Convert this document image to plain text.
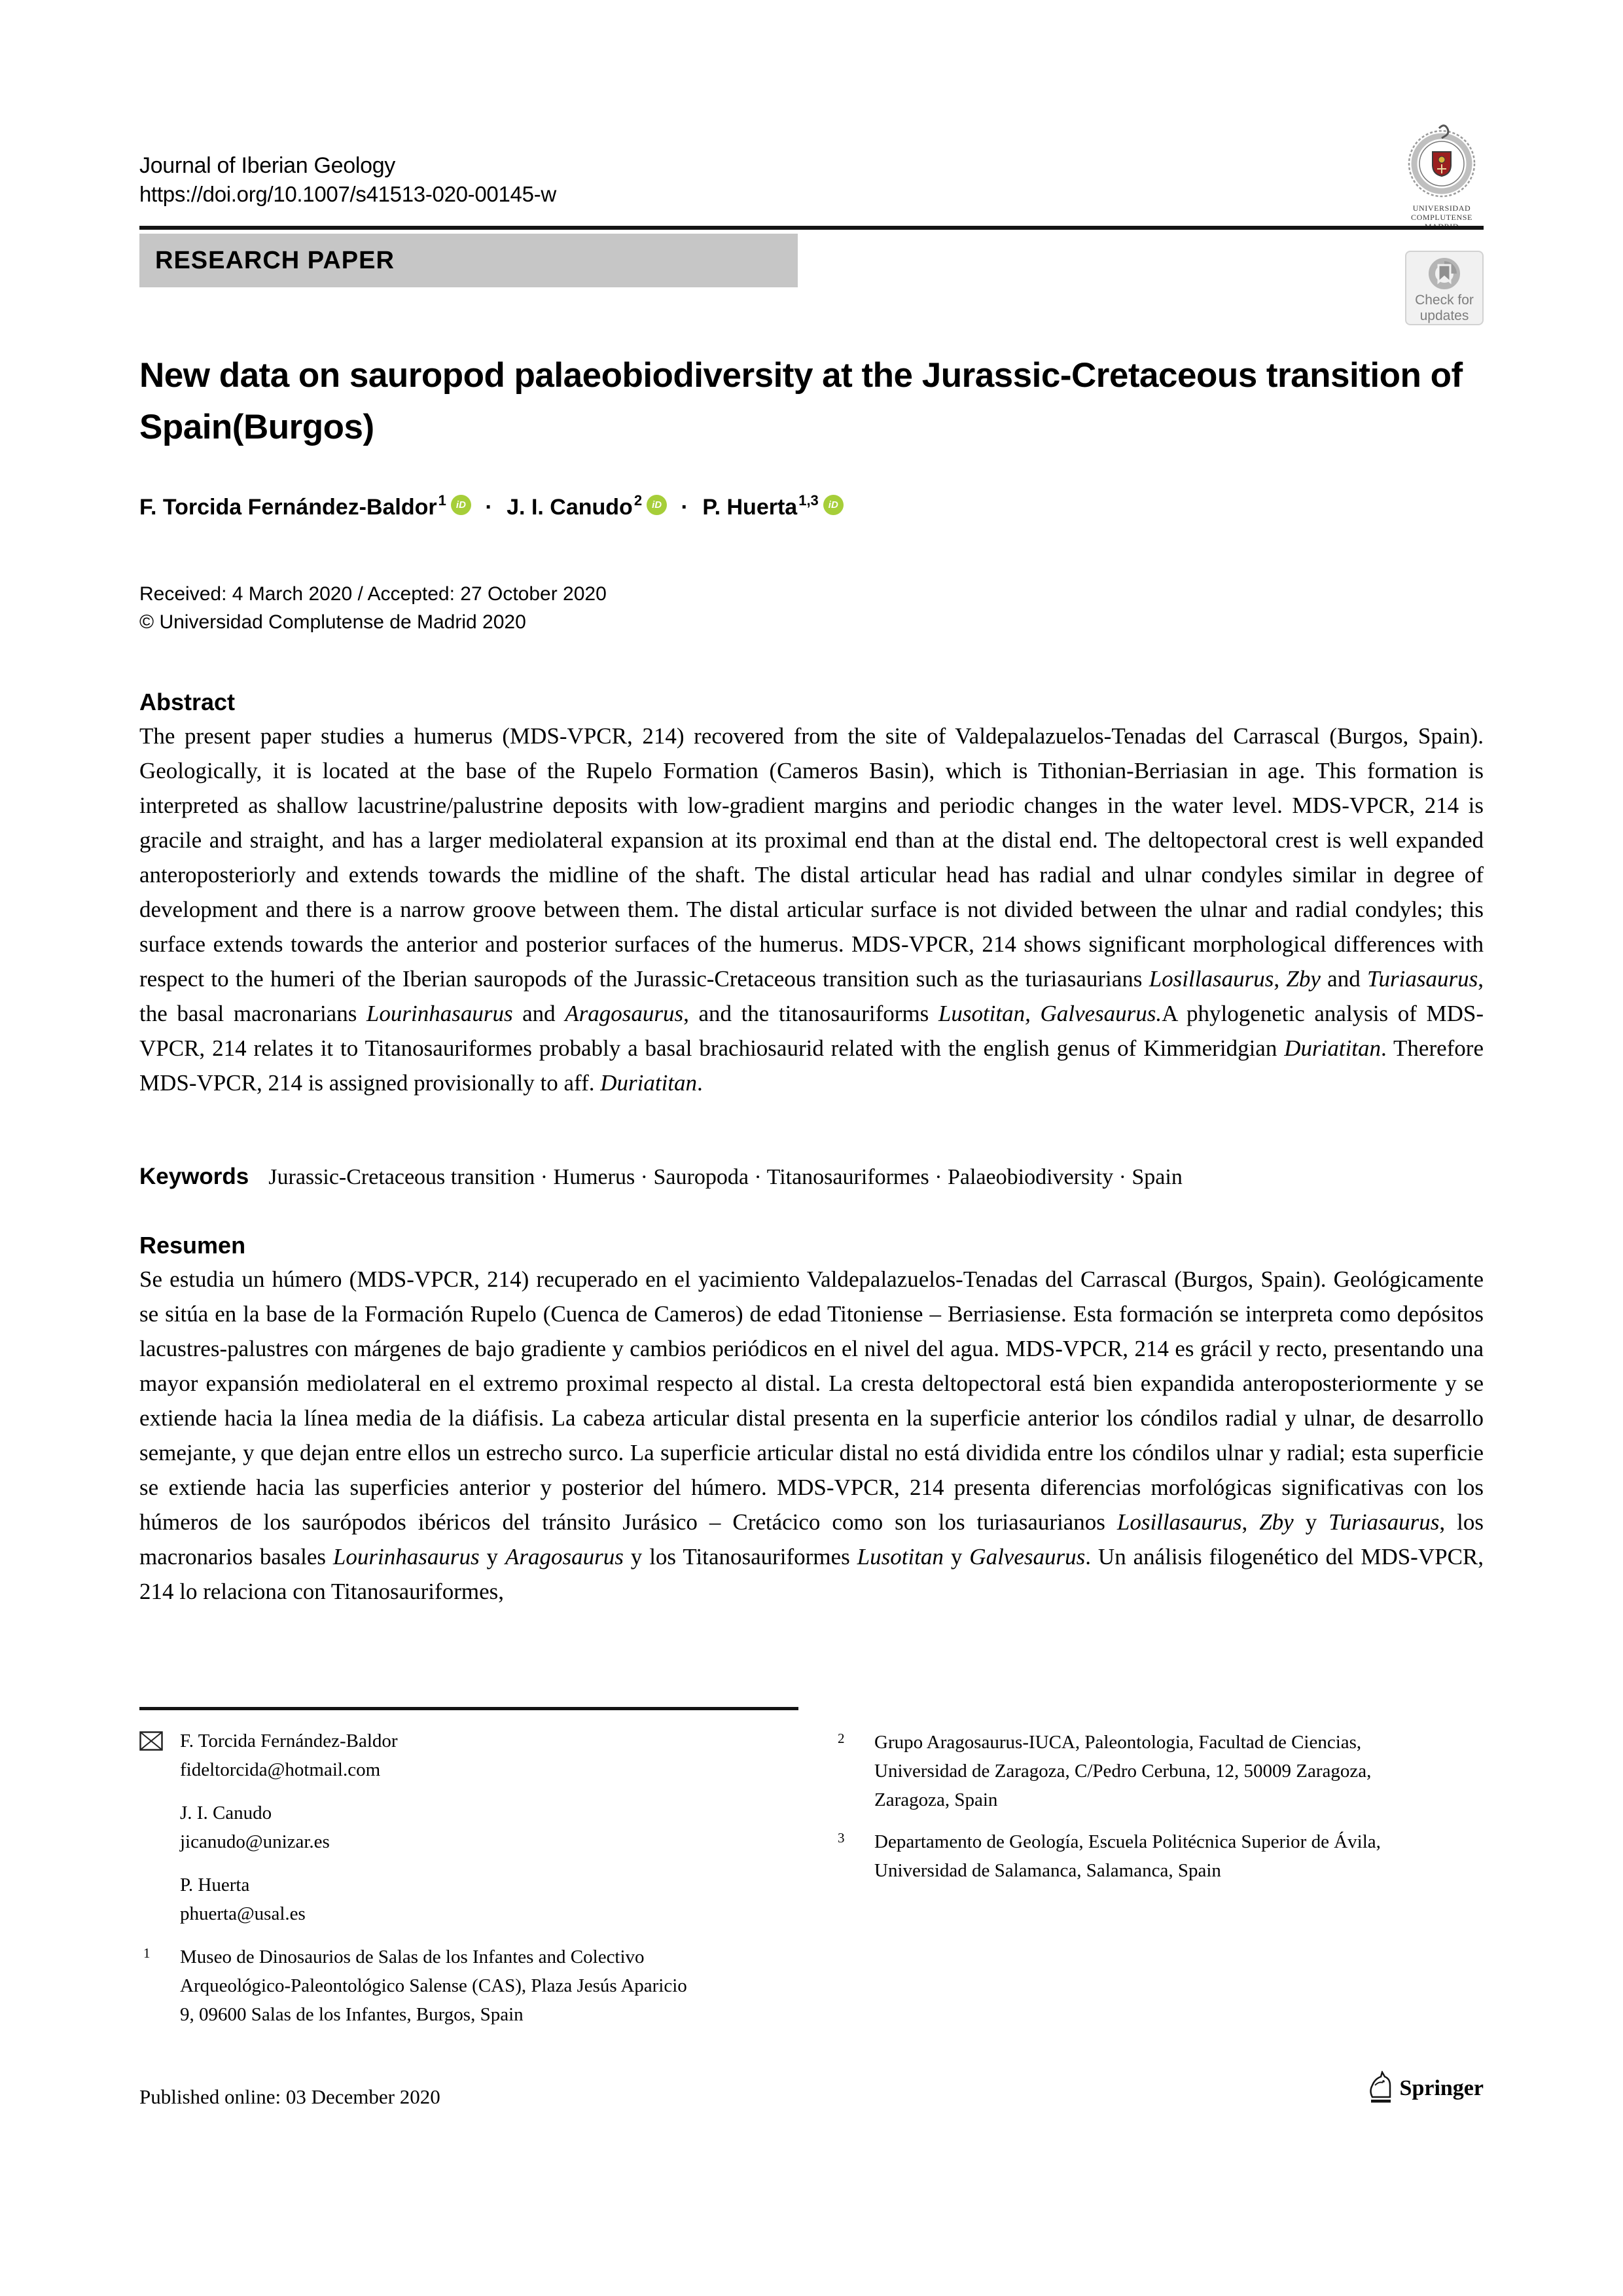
Journal of Iberian Geology
https://doi.org/10.1007/s41513-020-00145-w
UNIVERSIDAD COMPLUTENSE
RESEARCH PAPER
Check for
updates
New data on sauropod palaeobiodiversity at the Jurassic-Cretaceous transition of Spain(Burgos)
F. Torcida Fernández-Baldor$^1$ iD · J. I. Canudo$^2$ iD · P. Huerta$^{1,3}$ iD
Received: 4 March 2020 / Accepted: 27 October 2020
© Universidad Complutense de Madrid 2020
Abstract

The present paper studies a humerus (MDS-VPCR, 214) recovered from the site of Valdepalazuelos-Tenadas del Carrascal (Burgos, Spain). Geologically, it is located at the base of the Rupelo Formation (Cameros Basin), which is Tithonian-Berriasian in age. This formation is interpreted as shallow lacustrine/palustrine deposits with low-gradient margins and periodic changes in the water level. MDS-VPCR, 214 is gracile and straight, and has a larger mediolateral expansion at its proximal end than at the distal end. The deltopectoral crest is well expanded anteroposteriorly and extends towards the midline of the shaft. The distal articular head has radial and ulnar condyles similar in degree of development and there is a narrow groove between them. The distal articular surface is not divided between the ulnar and radial condyles; this surface extends towards the anterior and posterior surfaces of the humerus. MDS-VPCR, 214 shows significant morphological differences with respect to the humeri of the Iberian sauropods of the Jurassic-Cretaceous transition such as the turiasaurians Losillasaurus, Zby and Turiasaurus, the basal macronarians Lourinhasaurus and Aragosaurus, and the titanosauriforms Lusotitan, Galvesaurus.A phylogenetic analysis of MDS-VPCR, 214 relates it to Titanosauriformes probably a basal brachiosaurid related with the english genus of Kimmeridgian Duriatitan. Therefore MDS-VPCR, 214 is assigned provisionally to aff. Duriatitan.

Keywords Jurassic-Cretaceous transition · Humerus · Sauropoda · Titanosauriformes · Palaeobiodiversity · Spain
Resumen

Se estudia un húmero (MDS-VPCR, 214) recuperado en el yacimiento Valdepalazuelos-Tenadas del Carrascal (Burgos, Spain). Geológicamente se sitúa en la base de la Formación Rupelo (Cuenca de Cameros) de edad Titoniense – Berriasiense. Esta formación se interpreta como depósitos lacustres-palustres con márgenes de bajo gradiente y cambios periódicos en el nivel del agua. MDS-VPCR, 214 es grácil y recto, presentando una mayor expansión mediolateral en el extremo proximal respecto al distal. La cresta deltopectoral está bien expandida anteroposteriormente y se extiende hacia la línea media de la diáfisis. La cabeza articular distal presenta en la superficie anterior los cóndilos radial y ulnar, de desarrollo semejante, y que dejan entre ellos un estrecho surco. La superficie articular distal no está dividida entre los cóndilos ulnar y radial; esta superficie se extiende hacia las superficies anterior y posterior del húmero. MDS-VPCR, 214 presenta diferencias morfológicas significativas con los húmeros de los saurópodos ibéricos del tránsito Jurásico – Cretácico como son los turiasaurianos Losillasaurus, Zby y Turiasaurus, los macronarios basales Lourinhasaurus y Aragosaurus y los Titanosauriformes Lusotitan y Galvesaurus. Un análisis filogenético del MDS-VPCR, 214 lo relaciona con Titanosauriformes,

F. Torcida Fernández-Baldor
fideltorcida@hotmail.com
J. I. Canudo
jicanudo@unizar.es
P. Huerta
phuerta@usal.es
1 Museo de Dinosaurios de Salas de los Infantes and Colectivo Arqueológico-Paleontológico Salense (CAS), Plaza Jesús Aparicio 9, 09600 Salas de los Infantes, Burgos, Spain
2 Grupo Aragosaurus-IUCA, Paleontologia, Facultad de Ciencias, Universidad de Zaragoza, C/Pedro Cerbuna, 12, 50009 Zaragoza, Zaragoza, Spain
3 Departamento de Geología, Escuela Politécnica Superior de Ávila, Universidad de Salamanca, Salamanca, Spain
Published online: 03 December 2020	Springer
